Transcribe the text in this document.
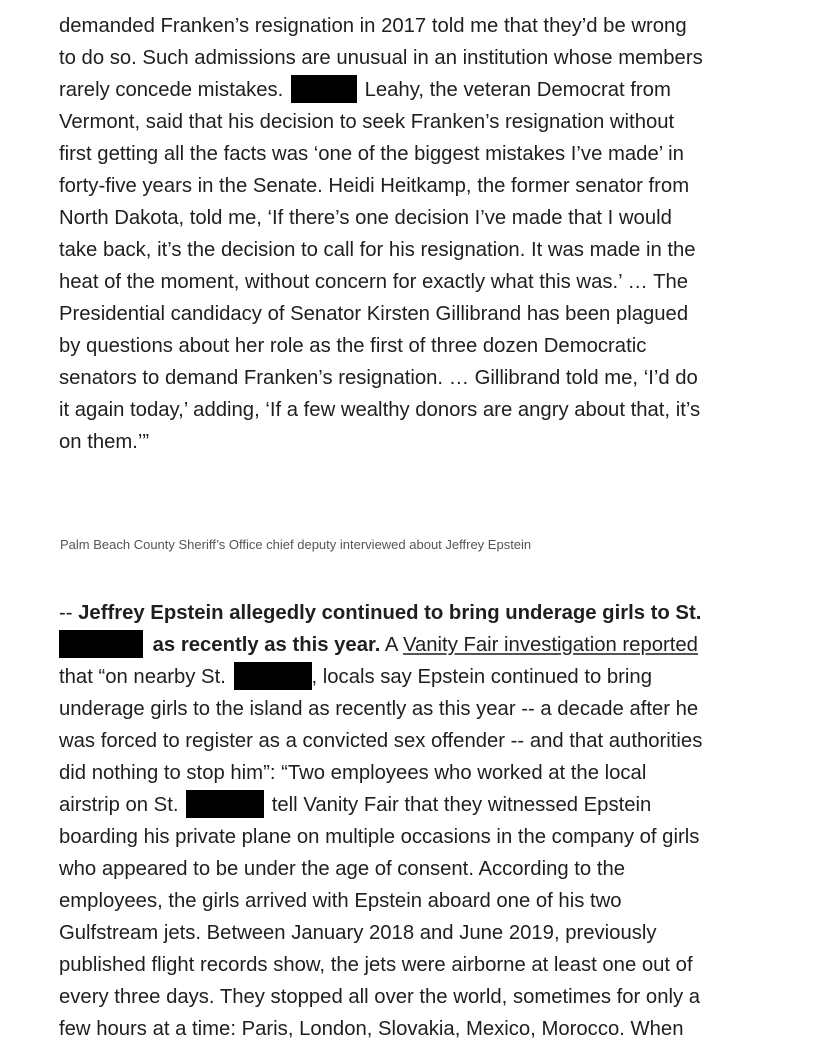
demanded Franken’s resignation in 2017 told me that they’d be wrong
to do so. Such admissions are unusual in an institution whose members
rarely concede mistakes.	Leahy, the veteran Democrat from
Vermont, said that his decision to seek Franken’s resignation without
first getting all the facts was ‘one of the biggest mistakes I’ve made’ in
forty-five years in the Senate. Heidi Heitkamp, the former senator from
North Dakota, told me, ‘If there’s one decision I’ve made that I would
take back, it’s the decision to call for his resignation. It was made in the
heat of the moment, without concern for exactly what this was.’ … The
Presidential candidacy of Senator Kirsten Gillibrand has been plagued
by questions about her role as the first of three dozen Democratic
senators to demand Franken’s resignation. … Gillibrand told me, ‘I’d do
it again today,’ adding, ‘If a few wealthy donors are angry about that, it’s
on them.’”
Palm Beach County Sheriff’s Office chief deputy interviewed about Jeffrey Epstein
-- Jeffrey Epstein allegedly continued to bring underage girls to St.
as recently as this year. A Vanity Fair investigation reported
that “on nearby St.	, locals say Epstein continued to bring
underage girls to the island as recently as this year -- a decade after he
was forced to register as a convicted sex offender -- and that authorities
did nothing to stop him”: “Two employees who worked at the local
airstrip on St.	tell Vanity Fair that they witnessed Epstein
boarding his private plane on multiple occasions in the company of girls
who appeared to be under the age of consent. According to the
employees, the girls arrived with Epstein aboard one of his two
Gulfstream jets. Between January 2018 and June 2019, previously
published flight records show, the jets were airborne at least one out of
every three days. They stopped all over the world, sometimes for only a
few hours at a time: Paris, London, Slovakia, Mexico, Morocco. When
